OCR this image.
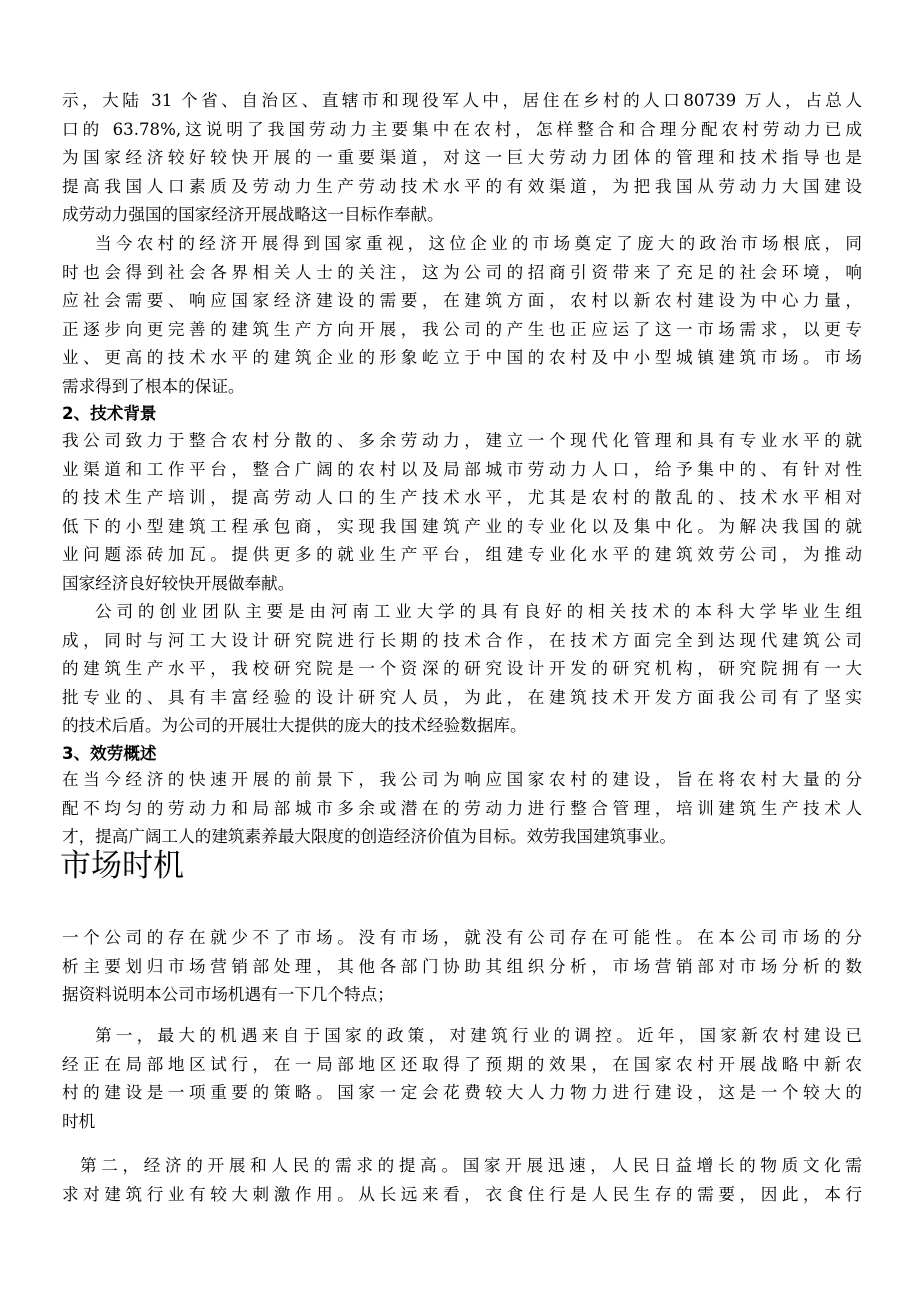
示，大陆 31 个省、自治区、直辖市和现役军人中，居住在乡村的人口80739 万人，占总人
口的 63.78%,这说明了我国劳动力主要集中在农村，怎样整合和合理分配农村劳动力已成
为国家经济较好较快开展的一重要渠道，对这一巨大劳动力团体的管理和技术指导也是
提高我国人口素质及劳动力生产劳动技术水平的有效渠道，为把我国从劳动力大国建设
成劳动力强国的国家经济开展战略这一目标作奉献。
当今农村的经济开展得到国家重视，这位企业的市场奠定了庞大的政治市场根底，同
时也会得到社会各界相关人士的关注，这为公司的招商引资带来了充足的社会环境，响
应社会需要、响应国家经济建设的需要，在建筑方面，农村以新农村建设为中心力量，
正逐步向更完善的建筑生产方向开展，我公司的产生也正应运了这一市场需求，以更专
业、更高的技术水平的建筑企业的形象屹立于中国的农村及中小型城镇建筑市场。市场
需求得到了根本的保证。
2、技术背景
我公司致力于整合农村分散的、多余劳动力，建立一个现代化管理和具有专业水平的就
业渠道和工作平台，整合广阔的农村以及局部城市劳动力人口，给予集中的、有针对性
的技术生产培训，提高劳动人口的生产技术水平，尤其是农村的散乱的、技术水平相对
低下的小型建筑工程承包商，实现我国建筑产业的专业化以及集中化。为解决我国的就
业问题添砖加瓦。提供更多的就业生产平台，组建专业化水平的建筑效劳公司，为推动
国家经济良好较快开展做奉献。
公司的创业团队主要是由河南工业大学的具有良好的相关技术的本科大学毕业生组
成，同时与河工大设计研究院进行长期的技术合作，在技术方面完全到达现代建筑公司
的建筑生产水平，我校研究院是一个资深的研究设计开发的研究机构，研究院拥有一大
批专业的、具有丰富经验的设计研究人员，为此，在建筑技术开发方面我公司有了坚实
的技术后盾。为公司的开展壮大提供的庞大的技术经验数据库。
3、效劳概述
在当今经济的快速开展的前景下，我公司为响应国家农村的建设，旨在将农村大量的分
配不均匀的劳动力和局部城市多余或潜在的劳动力进行整合管理，培训建筑生产技术人
才，提高广阔工人的建筑素养最大限度的创造经济价值为目标。效劳我国建筑事业。
市场时机
一个公司的存在就少不了市场。没有市场，就没有公司存在可能性。在本公司市场的分
析主要划归市场营销部处理，其他各部门协助其组织分析，市场营销部对市场分析的数
据资料说明本公司市场机遇有一下几个特点；
第一，最大的机遇来自于国家的政策，对建筑行业的调控。近年，国家新农村建设已
经正在局部地区试行，在一局部地区还取得了预期的效果，在国家农村开展战略中新农
村的建设是一项重要的策略。国家一定会花费较大人力物力进行建设，这是一个较大的
时机
第二，经济的开展和人民的需求的提高。国家开展迅速，人民日益增长的物质文化需
求对建筑行业有较大刺激作用。从长远来看，衣食住行是人民生存的需要，因此，本行
